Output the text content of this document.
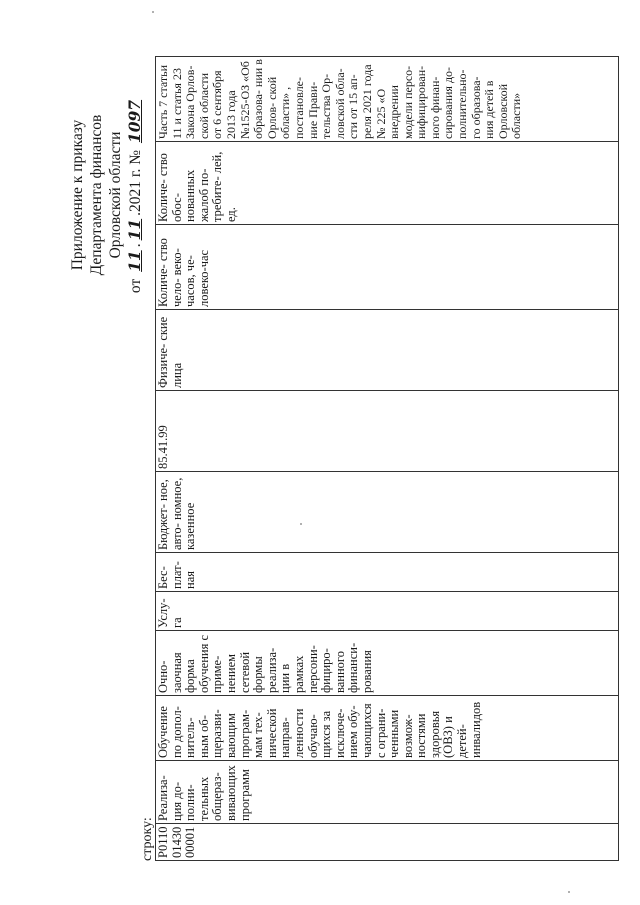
Приложение к приказу Департамента финансов Орловской области
от 11.11.2021 г. № 1097
строку: P0110 01430 00001	Реализа- ция до- полни- тельных общераз- вивающих программ	Обучение по допол- нитель- ным об- щеразви- вающим програм- мам тех- нической направ- ленности обучаю- щихся за исключе- нием обу- чающихся с ограни- ченными возмож- ностями здоровья (ОВЗ) и детей- инвалидов	Очно- заочная форма обучения с приме- нением сетевой формы реализа- ции в рамках персони- фициро- ванного финанси- рования	Услу- га	Бес- плат- ная	Бюджет- ное, авто- номное, казенное	85.41.99	Физиче- ские лица	Количе- ство чело- веко- часов, че- ловеко-час	Количе- ство обос- нованных жалоб по- требите- лей, ед.	Часть 7 статьи 11 и статья 23 Закона Орлов- ской области от 6 сентября 2013 года №1525-ОЗ «Об образова- нии в Орлов- ской области» , постановле- ние Прави- тельства Ор- ловской обла- сти от 15 ап- реля 2021 года № 225 «О внедрении модели персо- нифицирован- ного финан- сирования до- полнительно- го образова- ния детей в Орловской области»
